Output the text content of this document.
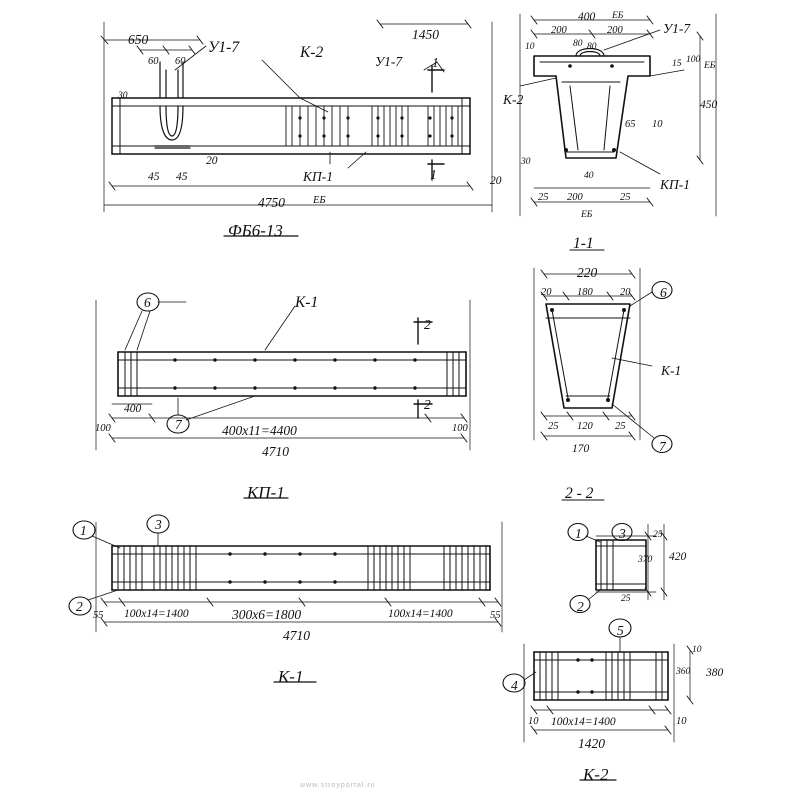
650	У1-7	К-2
1450
60 60	У1-7 1
30
45 45
20
КП-1	1	20
4750	ЕБ
ФБ6-13
400 ЕБ
200	200	У1-7
10	80 80
15 100
ЕБ
К-2	450
65 10
30
КП-1
40
25 200	25
ЕБ
1-1
6	К-1
2
2
400
7
100	100
400х11=4400
4710
КП-1
220
20 180	20 6
К-1
25 120 25
7
170
2 - 2
1	3
2
55 100х14=1400	300х6=1800	100х14=1400	55
4710
К-1
1	3	25
370 420
25
2
5
4
10
360 380
10 100х14=1400	10
1420
К-2
www.stroyportal.ru
